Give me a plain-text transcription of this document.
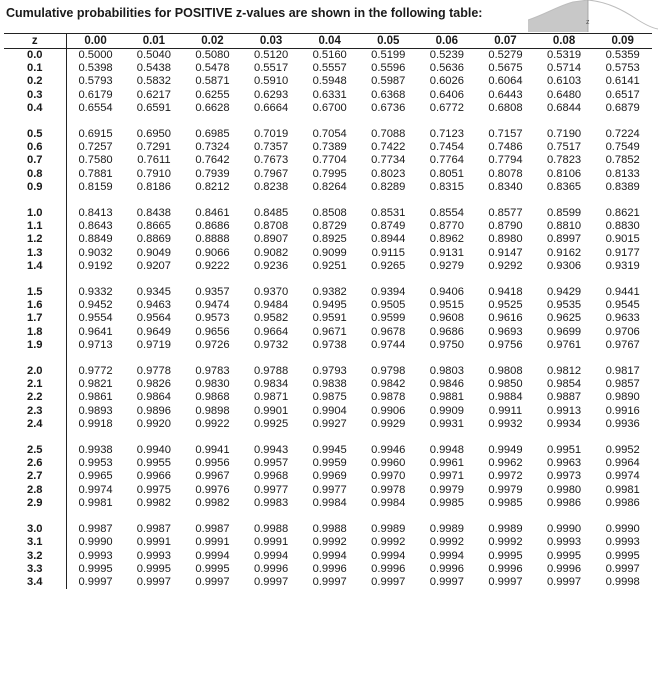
Cumulative probabilities for POSITIVE z-values are shown in the following table:
z
z	0.00	0.01	0.02	0.03	0.04	0.05	0.06	0.07	0.08	0.09
0.0	0.5000	0.5040	0.5080	0.5120	0.5160	0.5199	0.5239	0.5279	0.5319	0.5359
0.1	0.5398	0.5438	0.5478	0.5517	0.5557	0.5596	0.5636	0.5675	0.5714	0.5753
0.2	0.5793	0.5832	0.5871	0.5910	0.5948	0.5987	0.6026	0.6064	0.6103	0.6141
0.3	0.6179	0.6217	0.6255	0.6293	0.6331	0.6368	0.6406	0.6443	0.6480	0.6517
0.4	0.6554	0.6591	0.6628	0.6664	0.6700	0.6736	0.6772	0.6808	0.6844	0.6879

0.5	0.6915	0.6950	0.6985	0.7019	0.7054	0.7088	0.7123	0.7157	0.7190	0.7224
0.6	0.7257	0.7291	0.7324	0.7357	0.7389	0.7422	0.7454	0.7486	0.7517	0.7549
0.7	0.7580	0.7611	0.7642	0.7673	0.7704	0.7734	0.7764	0.7794	0.7823	0.7852
0.8	0.7881	0.7910	0.7939	0.7967	0.7995	0.8023	0.8051	0.8078	0.8106	0.8133
0.9	0.8159	0.8186	0.8212	0.8238	0.8264	0.8289	0.8315	0.8340	0.8365	0.8389

1.0	0.8413	0.8438	0.8461	0.8485	0.8508	0.8531	0.8554	0.8577	0.8599	0.8621
1.1	0.8643	0.8665	0.8686	0.8708	0.8729	0.8749	0.8770	0.8790	0.8810	0.8830
1.2	0.8849	0.8869	0.8888	0.8907	0.8925	0.8944	0.8962	0.8980	0.8997	0.9015
1.3	0.9032	0.9049	0.9066	0.9082	0.9099	0.9115	0.9131	0.9147	0.9162	0.9177
1.4	0.9192	0.9207	0.9222	0.9236	0.9251	0.9265	0.9279	0.9292	0.9306	0.9319

1.5	0.9332	0.9345	0.9357	0.9370	0.9382	0.9394	0.9406	0.9418	0.9429	0.9441
1.6	0.9452	0.9463	0.9474	0.9484	0.9495	0.9505	0.9515	0.9525	0.9535	0.9545
1.7	0.9554	0.9564	0.9573	0.9582	0.9591	0.9599	0.9608	0.9616	0.9625	0.9633
1.8	0.9641	0.9649	0.9656	0.9664	0.9671	0.9678	0.9686	0.9693	0.9699	0.9706
1.9	0.9713	0.9719	0.9726	0.9732	0.9738	0.9744	0.9750	0.9756	0.9761	0.9767

2.0	0.9772	0.9778	0.9783	0.9788	0.9793	0.9798	0.9803	0.9808	0.9812	0.9817
2.1	0.9821	0.9826	0.9830	0.9834	0.9838	0.9842	0.9846	0.9850	0.9854	0.9857
2.2	0.9861	0.9864	0.9868	0.9871	0.9875	0.9878	0.9881	0.9884	0.9887	0.9890
2.3	0.9893	0.9896	0.9898	0.9901	0.9904	0.9906	0.9909	0.9911	0.9913	0.9916
2.4	0.9918	0.9920	0.9922	0.9925	0.9927	0.9929	0.9931	0.9932	0.9934	0.9936

2.5	0.9938	0.9940	0.9941	0.9943	0.9945	0.9946	0.9948	0.9949	0.9951	0.9952
2.6	0.9953	0.9955	0.9956	0.9957	0.9959	0.9960	0.9961	0.9962	0.9963	0.9964
2.7	0.9965	0.9966	0.9967	0.9968	0.9969	0.9970	0.9971	0.9972	0.9973	0.9974
2.8	0.9974	0.9975	0.9976	0.9977	0.9977	0.9978	0.9979	0.9979	0.9980	0.9981
2.9	0.9981	0.9982	0.9982	0.9983	0.9984	0.9984	0.9985	0.9985	0.9986	0.9986

3.0	0.9987	0.9987	0.9987	0.9988	0.9988	0.9989	0.9989	0.9989	0.9990	0.9990
3.1	0.9990	0.9991	0.9991	0.9991	0.9992	0.9992	0.9992	0.9992	0.9993	0.9993
3.2	0.9993	0.9993	0.9994	0.9994	0.9994	0.9994	0.9994	0.9995	0.9995	0.9995
3.3	0.9995	0.9995	0.9995	0.9996	0.9996	0.9996	0.9996	0.9996	0.9996	0.9997
3.4	0.9997	0.9997	0.9997	0.9997	0.9997	0.9997	0.9997	0.9997	0.9997	0.9998
